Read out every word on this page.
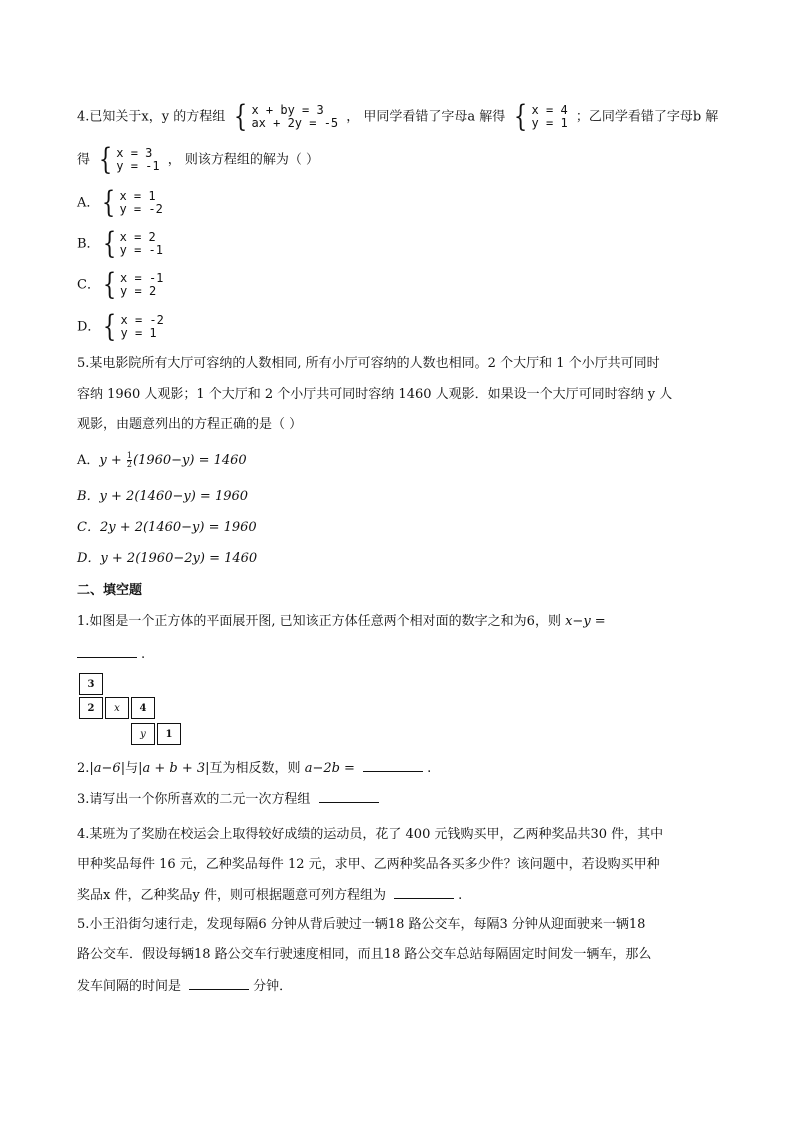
4.已知关于x，y 的方程组 { x + by = 3
ax + 2y = -5 ， 甲同学看错了字母a 解得 { x = 4
y = 1 ；乙同学看错了字母b 解
得 { x = 3
y = -1 ， 则该方程组的解为（ ）
A． { x = 1
y = -2
B． { x = 2
y = -1
C． { x = -1
y = 2
D． { x = -2
y = 1
5.某电影院所有大厅可容纳的人数相同, 所有小厅可容纳的人数也相同。2 个大厅和 1 个小厅共可同时
容纳 1960 人观影；1 个大厅和 2 个小厅共可同时容纳 1460 人观影．如果设一个大厅可同时容纳 y 人
观影，由题意列出的方程正确的是（ ）
A．$y + \frac{1}{2} (1960-y) = 1460$
B．y + 2(1460−y) = 1960
C．2y + 2(1460−y) = 1960
D．y + 2(1960−2y) = 1460
二、填空题
1.如图是一个正方体的平面展开图, 已知该正方体任意两个相对面的数字之和为6，则 x−y =
.
3
2	x	4
y	1
2.|a−6|与|a + b + 3|互为相反数，则 a−2b =	.
3.请写出一个你所喜欢的二元一次方程组
4.某班为了奖励在校运会上取得较好成绩的运动员，花了 400 元钱购买甲，乙两种奖品共30 件，其中
甲种奖品每件 16 元，乙种奖品每件 12 元，求甲、乙两种奖品各买多少件？该问题中，若设购买甲种
奖品x 件，乙种奖品y 件，则可根据题意可列方程组为	.
5.小王沿街匀速行走，发现每隔6 分钟从背后驶过一辆18 路公交车，每隔3 分钟从迎面驶来一辆18
路公交车．假设每辆18 路公交车行驶速度相同，而且18 路公交车总站每隔固定时间发一辆车，那么
发车间隔的时间是	分钟．
